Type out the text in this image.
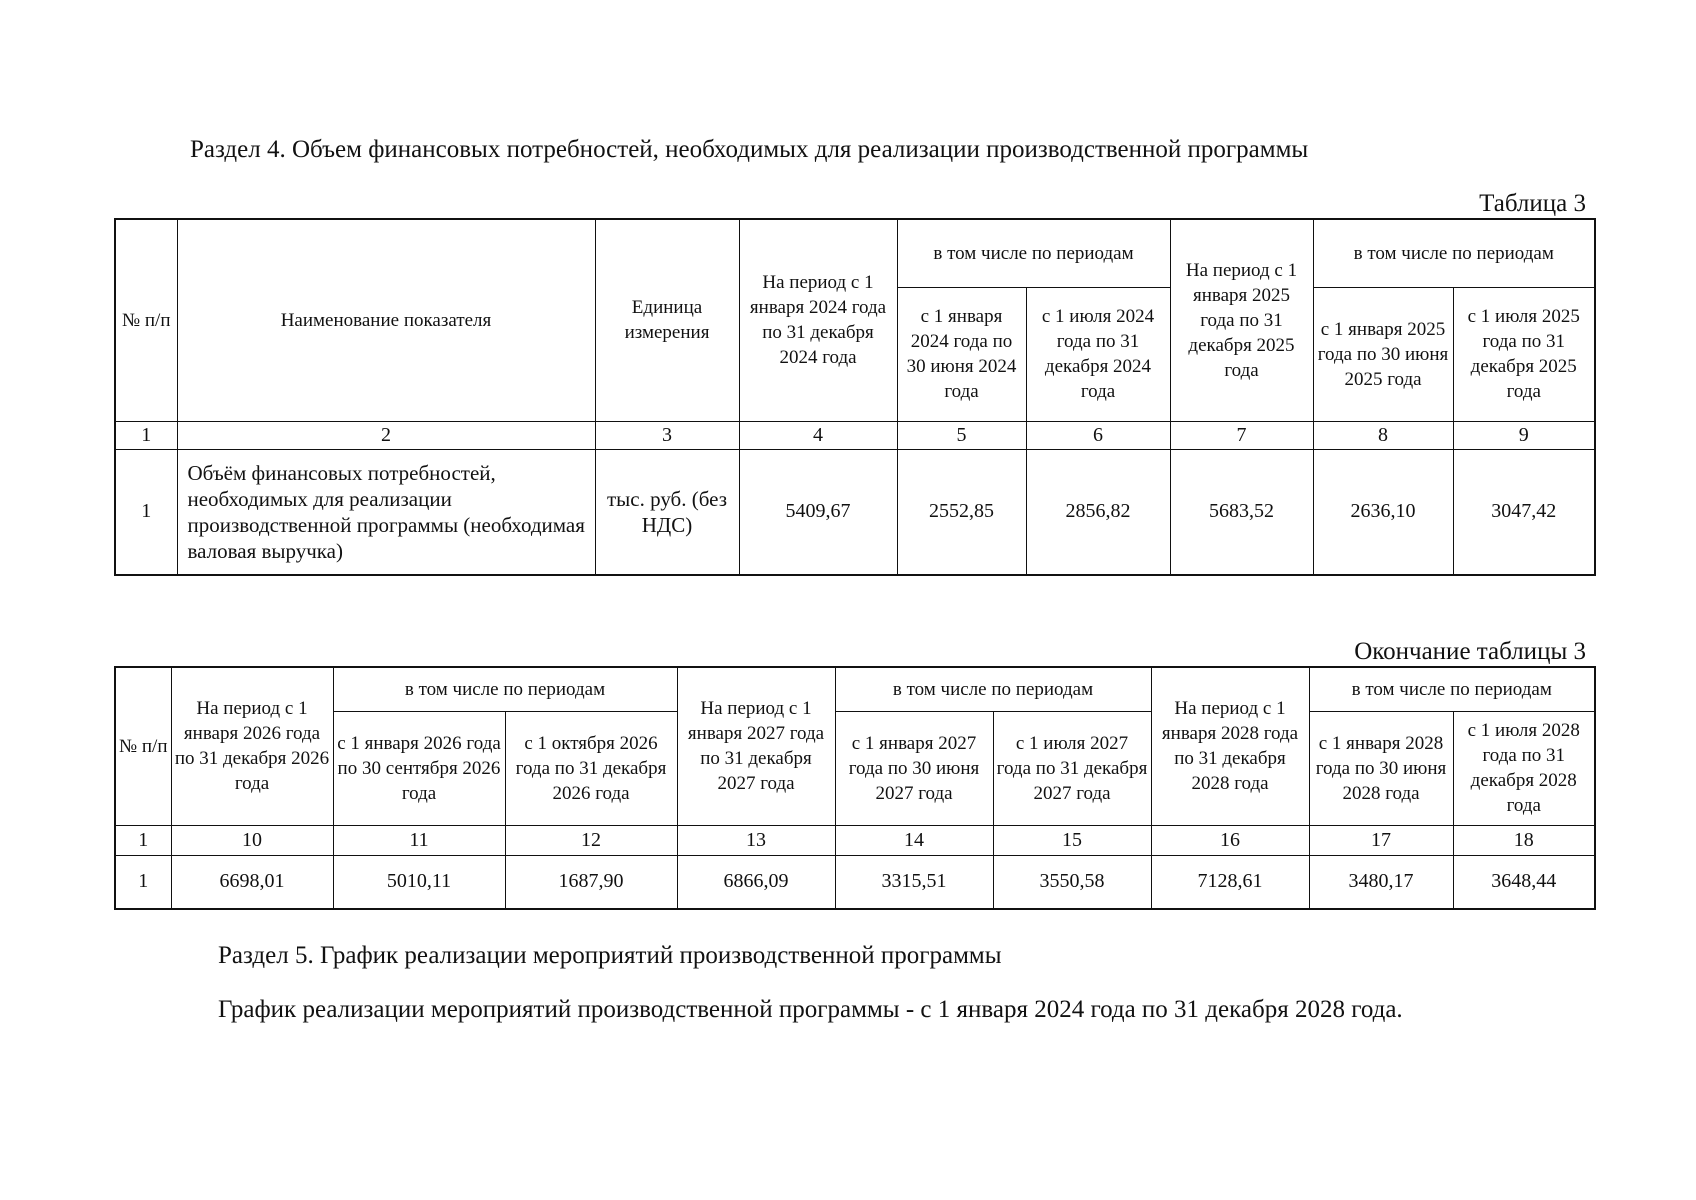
Раздел 4. Объем финансовых потребностей, необходимых для реализации производственной программы
Таблица 3
№ п/п	Наименование показателя	Единица измерения	На период с 1 января 2024 года по 31 декабря 2024 года	в том числе по периодам		На период с 1 января 2025 года по 31 декабря 2025 года	в том числе по периодам	
				с 1 января 2024 года по 30 июня 2024 года	с 1 июля 2024 года по 31 декабря 2024 года		с 1 января 2025 года по 30 июня 2025 года	с 1 июля 2025 года по 31 декабря 2025 года
1	2	3	4	5	6	7	8	9
1	Объём финансовых потребностей, необходимых для реализации производственной программы (необходимая валовая выручка)	тыс. руб. (без НДС)	5409,67	2552,85	2856,82	5683,52	2636,10	3047,42
Окончание таблицы 3
№ п/п	На период с 1 января 2026 года по 31 декабря 2026 года	в том числе по периодам		На период с 1 января 2027 года по 31 декабря 2027 года	в том числе по периодам		На период с 1 января 2028 года по 31 декабря 2028 года	в том числе по периодам	
		с 1 января 2026 года по 30 сентября 2026 года	с 1 октября 2026 года по 31 декабря 2026 года		с 1 января 2027 года по 30 июня 2027 года	с 1 июля 2027 года по 31 декабря 2027 года		с 1 января 2028 года по 30 июня 2028 года	с 1 июля 2028 года по 31 декабря 2028 года
1	10	11	12	13	14	15	16	17	18
1	6698,01	5010,11	1687,90	6866,09	3315,51	3550,58	7128,61	3480,17	3648,44
Раздел 5. График реализации мероприятий производственной программы
График реализации мероприятий производственной программы - с 1 января 2024 года по 31 декабря 2028 года.
